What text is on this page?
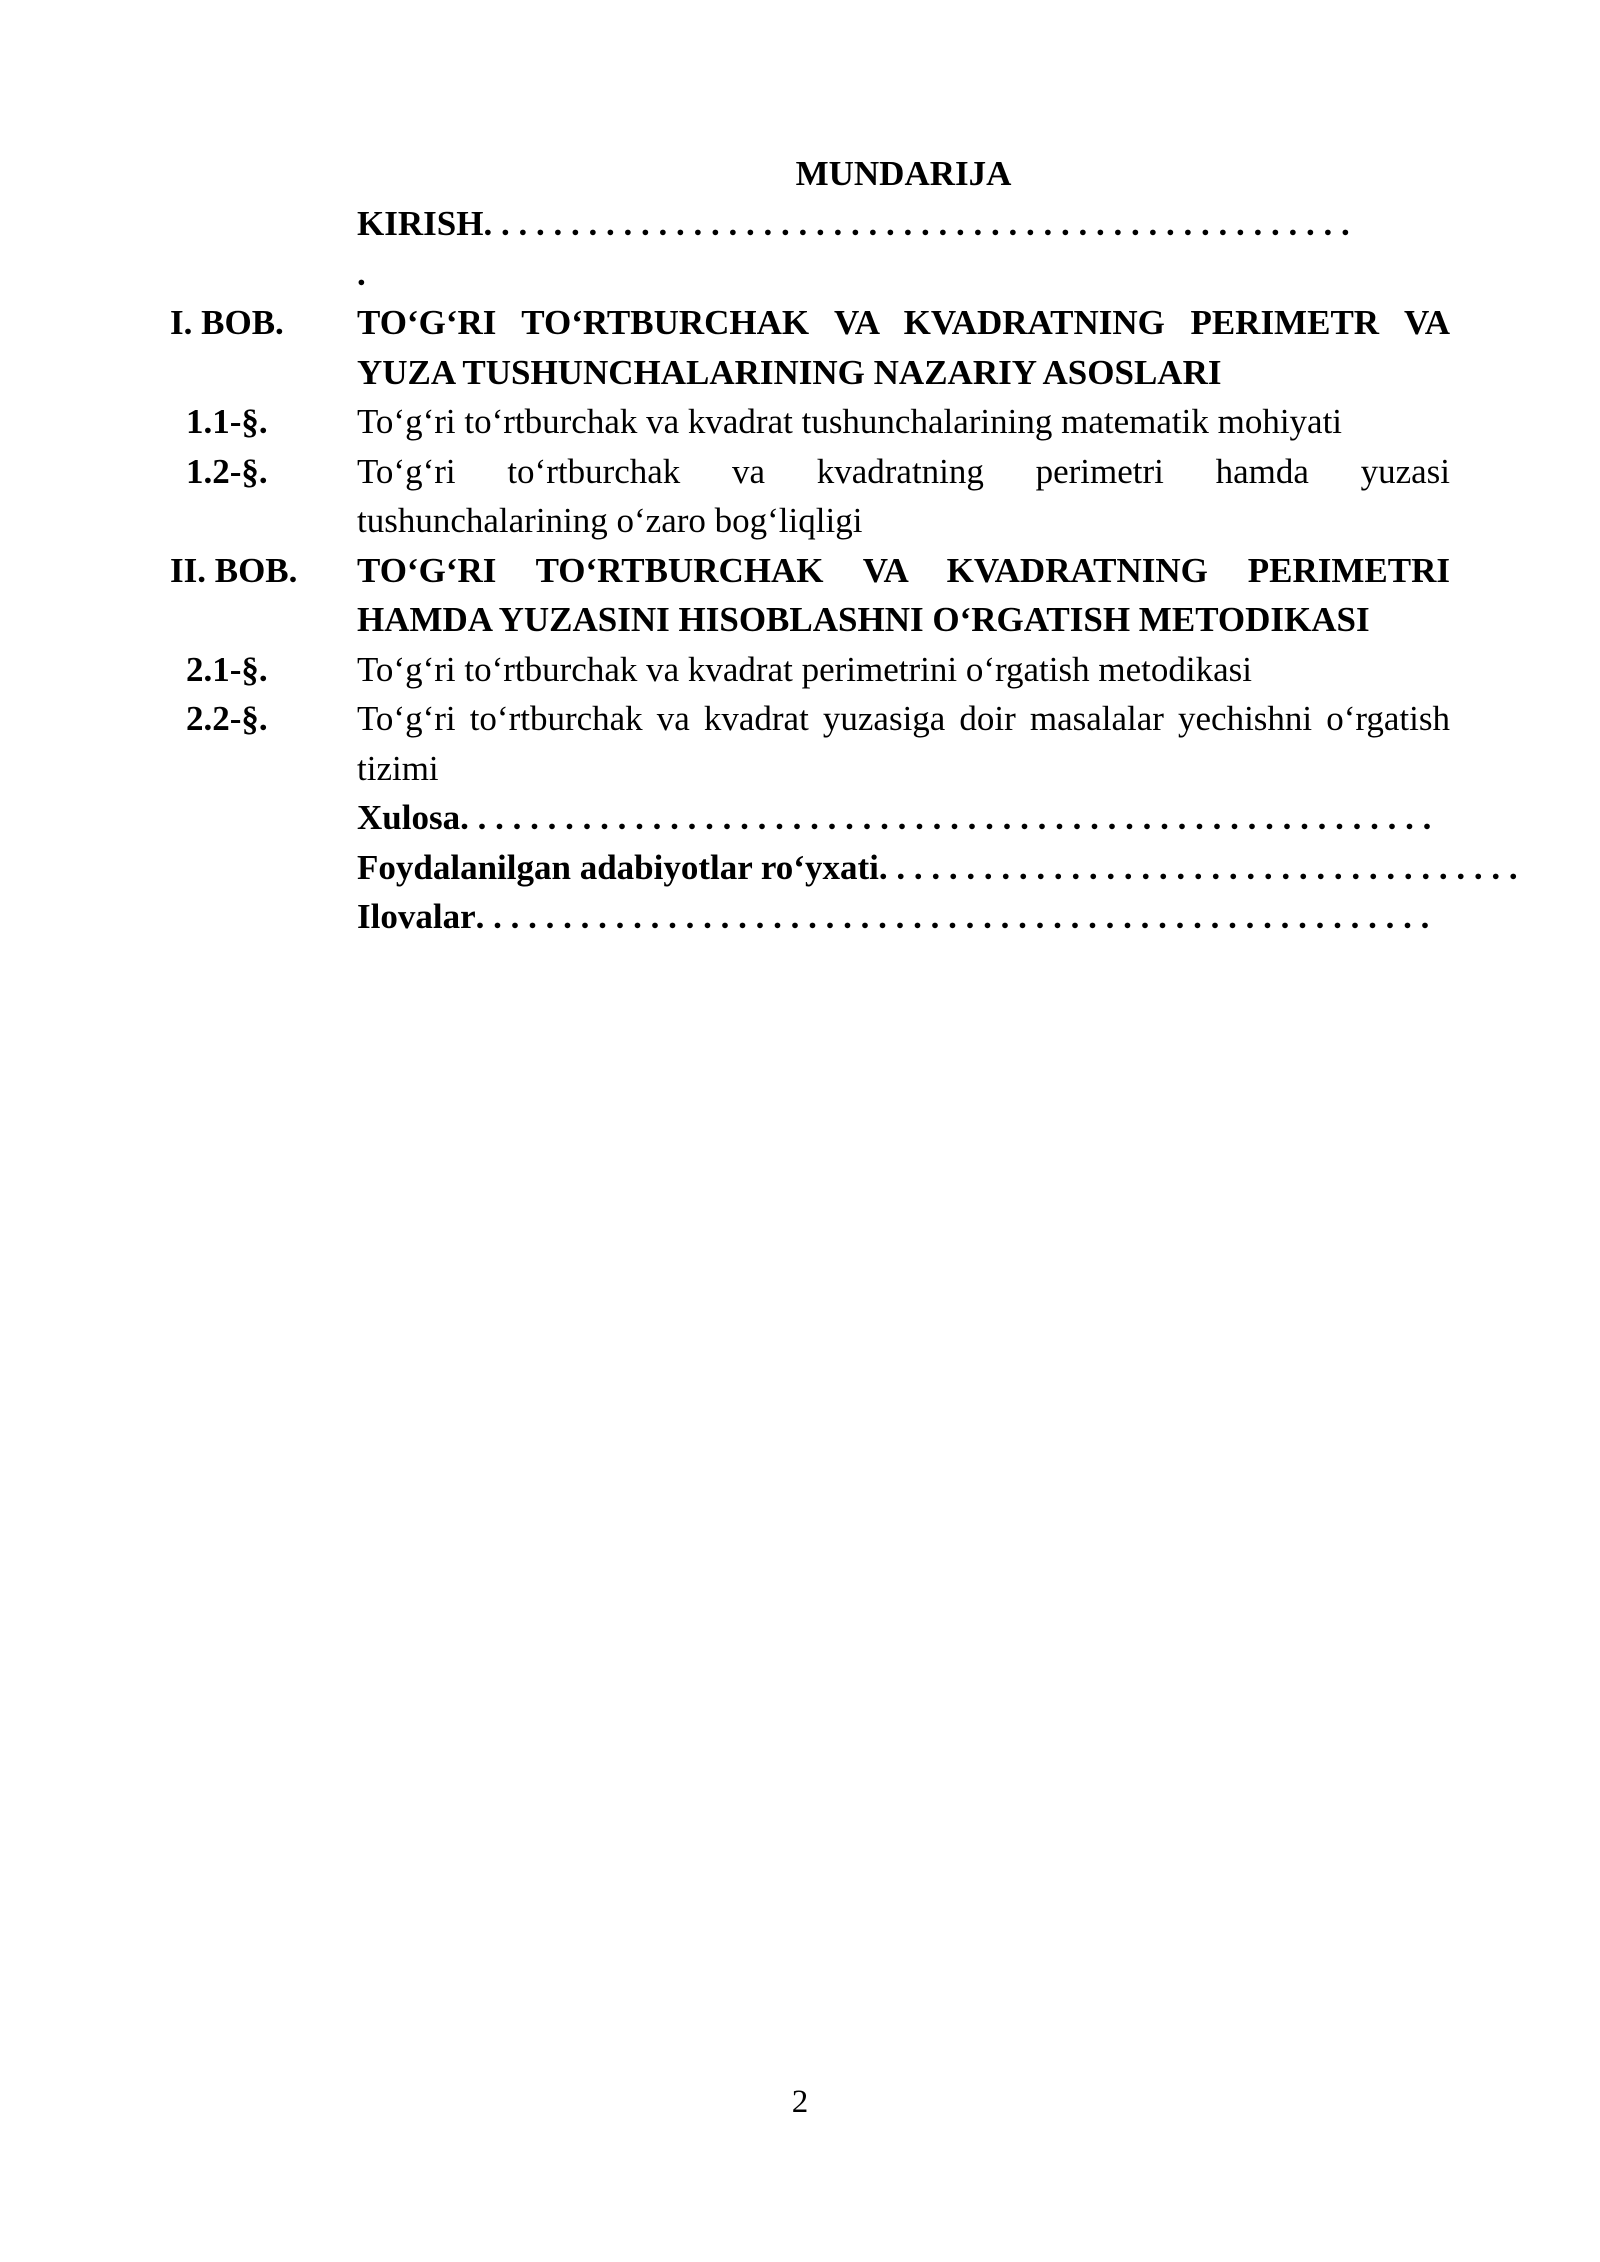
MUNDARIJA
KIRISH . . . . . . . . . . . . . . . . . . . . . . . . . . . . . . . . . . . . . . . . . . . . . . . . . .
.
I. BOB.	TO‘G‘RI TO‘RTBURCHAK VA KVADRATNING PERIMETR VA YUZA TUSHUNCHALARINING NAZARIY ASOSLARI
1.1-§.	To‘g‘ri to‘rtburchak va kvadrat tushunchalarining matematik mohiyati
1.2-§.	To‘g‘ri to‘rtburchak va kvadratning perimetri hamda yuzasi tushunchalarining o‘zaro bog‘liqligi
II. BOB.	TO‘G‘RI TO‘RTBURCHAK VA KVADRATNING PERIMETRI HAMDA YUZASINI HISOBLASHNI O‘RGATISH METODIKASI
2.1-§.	To‘g‘ri to‘rtburchak va kvadrat perimetrini o‘rgatish metodikasi
2.2-§.	To‘g‘ri to‘rtburchak va kvadrat yuzasiga doir masalalar yechishni o‘rgatish tizimi
Xulosa . . . . . . . . . . . . . . . . . . . . . . . . . . . . . . . . . . . . . . . . . . . . . . . . . . . . . . . .
Foydalanilgan adabiyotlar ro‘yxati . . . . . . . . . . . . . . . . . . . . . . . . . . . . . . . . . . . . .
Ilovalar . . . . . . . . . . . . . . . . . . . . . . . . . . . . . . . . . . . . . . . . . . . . . . . . . . . . . . .
2
